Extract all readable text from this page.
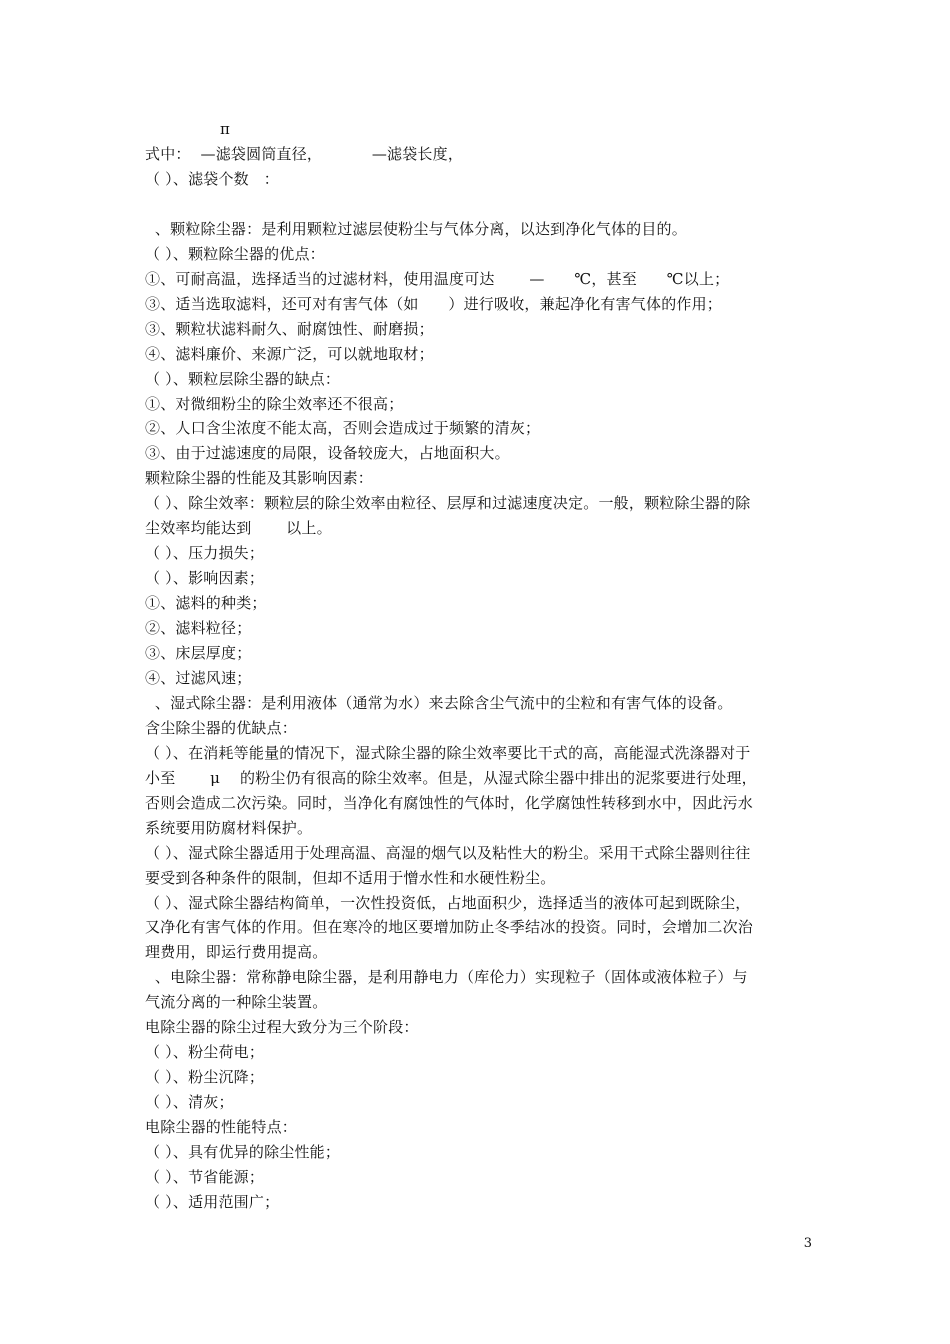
π
式中：  —滤袋圆筒直径，          —滤袋长度，
（ ）、滤袋个数   ：
、颗粒除尘器：是利用颗粒过滤层使粉尘与气体分离，以达到净化气体的目的。
（ ）、颗粒除尘器的优点：
①、可耐高温，选择适当的过滤材料，使用温度可达       —      ℃，甚至      ℃以上；
③、适当选取滤料，还可对有害气体（如      ）进行吸收，兼起净化有害气体的作用；
③、颗粒状滤料耐久、耐腐蚀性、耐磨损；
④、滤料廉价、来源广泛，可以就地取材；
（ ）、颗粒层除尘器的缺点：
①、对微细粉尘的除尘效率还不很高；
②、人口含尘浓度不能太高，否则会造成过于频繁的清灰；
③、由于过滤速度的局限，设备较庞大，占地面积大。
颗粒除尘器的性能及其影响因素：
（ ）、除尘效率：颗粒层的除尘效率由粒径、层厚和过滤速度决定。一般，颗粒除尘器的除
尘效率均能达到       以上。
（ ）、压力损失；
（ ）、影响因素；
①、滤料的种类；
②、滤料粒径；
③、床层厚度；
④、过滤风速；
、湿式除尘器：是利用液体（通常为水）来去除含尘气流中的尘粒和有害气体的设备。
含尘除尘器的优缺点：
（ ）、在消耗等能量的情况下，湿式除尘器的除尘效率要比干式的高，高能湿式洗涤器对于
小至       μ    的粉尘仍有很高的除尘效率。但是，从湿式除尘器中排出的泥浆要进行处理，
否则会造成二次污染。同时，当净化有腐蚀性的气体时，化学腐蚀性转移到水中，因此污水
系统要用防腐材料保护。
（ ）、湿式除尘器适用于处理高温、高湿的烟气以及粘性大的粉尘。采用干式除尘器则往往
要受到各种条件的限制，但却不适用于憎水性和水硬性粉尘。
（ ）、湿式除尘器结构简单，一次性投资低，占地面积少，选择适当的液体可起到既除尘，
又净化有害气体的作用。但在寒冷的地区要增加防止冬季结冰的投资。同时，会增加二次治
理费用，即运行费用提高。
、电除尘器：常称静电除尘器，是利用静电力（库伦力）实现粒子（固体或液体粒子）与
气流分离的一种除尘装置。
电除尘器的除尘过程大致分为三个阶段：
（ ）、粉尘荷电；
（ ）、粉尘沉降；
（ ）、清灰；
电除尘器的性能特点：
（ ）、具有优异的除尘性能；
（ ）、节省能源；
（ ）、适用范围广；
3
